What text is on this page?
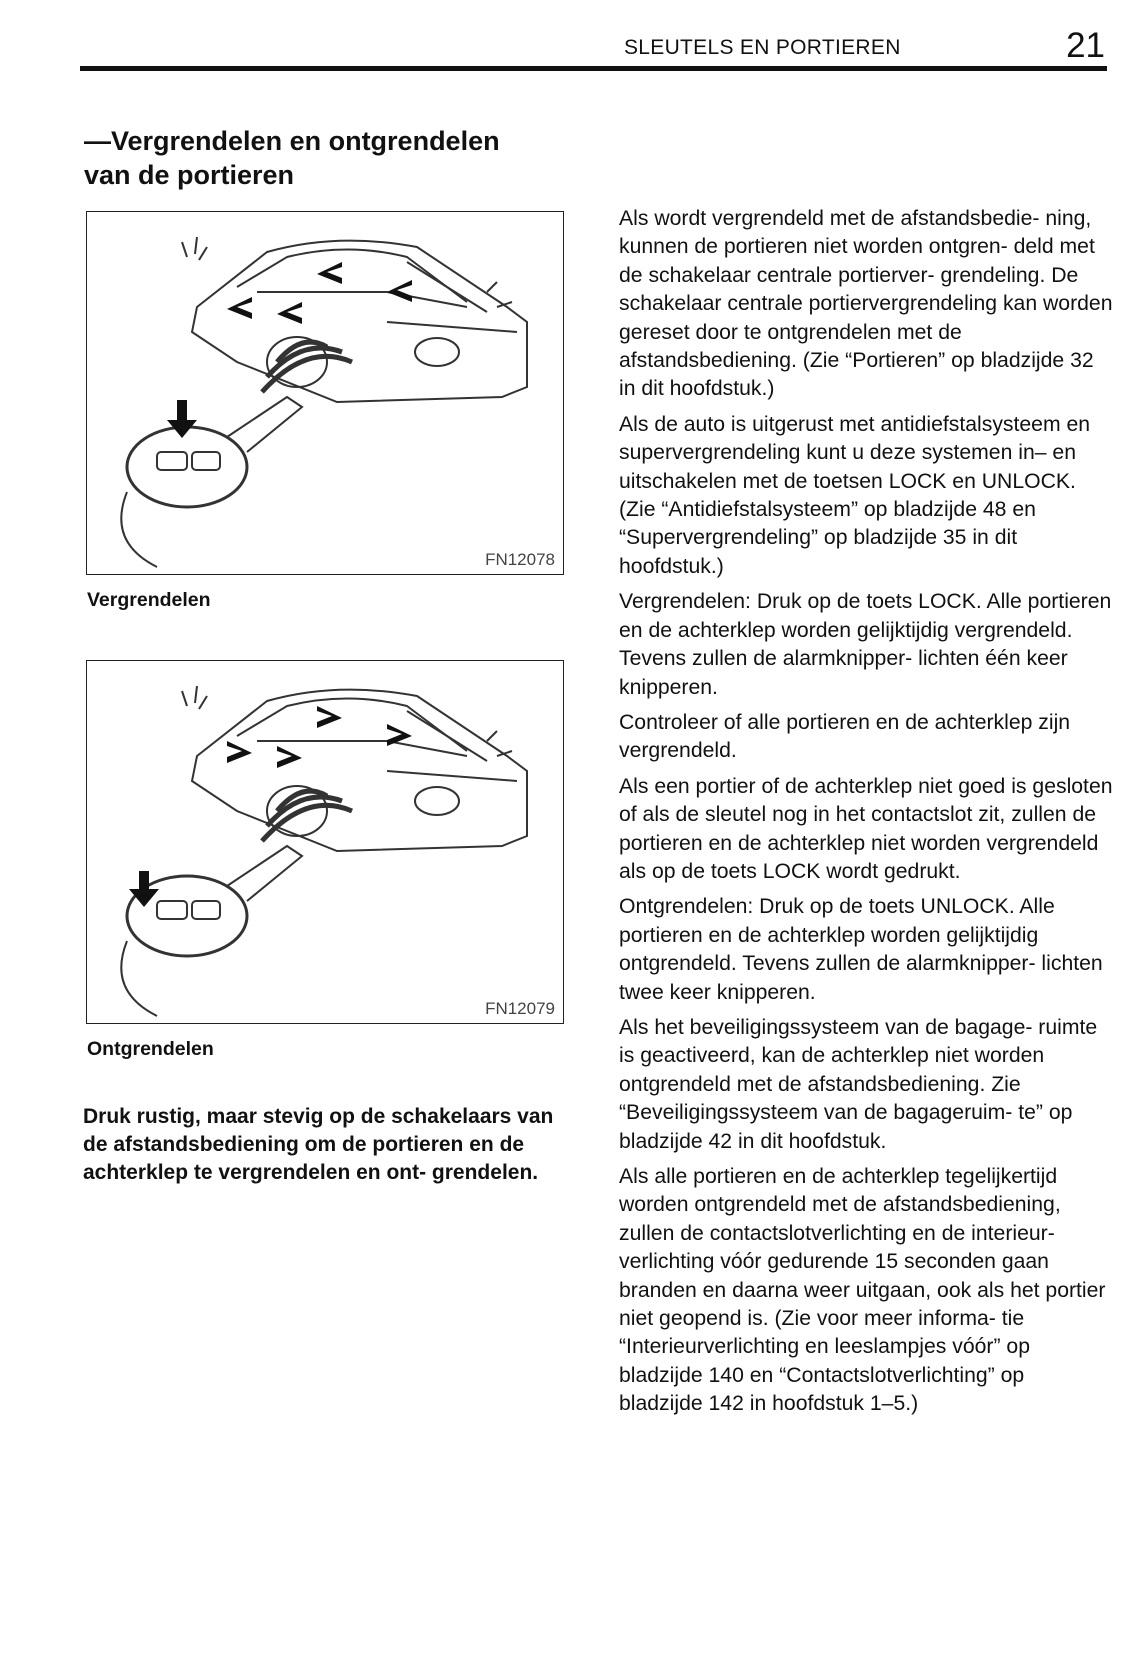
SLEUTELS EN PORTIEREN	21
—Vergrendelen en ontgrendelen
van de portieren
FN12078
Vergrendelen
FN12079
Ontgrendelen

Druk rustig, maar stevig op de schakelaars van de afstandsbediening om de portieren en de achterklep te vergrendelen en ont- grendelen.

Als wordt vergrendeld met de afstandsbedie- ning, kunnen de portieren niet worden ontgren- deld met de schakelaar centrale portierver- grendeling. De schakelaar centrale portiervergrendeling kan worden gereset door te ontgrendelen met de afstandsbediening. (Zie “Portieren” op bladzijde 32 in dit hoofdstuk.)

Als de auto is uitgerust met antidiefstalsysteem en supervergrendeling kunt u deze systemen in– en uitschakelen met de toetsen LOCK en UNLOCK. (Zie “Antidiefstalsysteem” op bladzijde 48 en “Supervergrendeling” op bladzijde 35 in dit hoofdstuk.)

Vergrendelen: Druk op de toets LOCK. Alle portieren en de achterklep worden gelijktijdig vergrendeld. Tevens zullen de alarmknipper- lichten één keer knipperen.

Controleer of alle portieren en de achterklep zijn vergrendeld.

Als een portier of de achterklep niet goed is gesloten of als de sleutel nog in het contactslot zit, zullen de portieren en de achterklep niet worden vergrendeld als op de toets LOCK wordt gedrukt.

Ontgrendelen: Druk op de toets UNLOCK. Alle portieren en de achterklep worden gelijktijdig ontgrendeld. Tevens zullen de alarmknipper- lichten twee keer knipperen.

Als het beveiligingssysteem van de bagage- ruimte is geactiveerd, kan de achterklep niet worden ontgrendeld met de afstandsbediening. Zie “Beveiligingssysteem van de bagageruim- te” op bladzijde 42 in dit hoofdstuk.

Als alle portieren en de achterklep tegelijkertijd worden ontgrendeld met de afstandsbediening, zullen de contactslotverlichting en de interieur- verlichting vóór gedurende 15 seconden gaan branden en daarna weer uitgaan, ook als het portier niet geopend is. (Zie voor meer informa- tie “Interieurverlichting en leeslampjes vóór” op bladzijde 140 en “Contactslotverlichting” op bladzijde 142 in hoofdstuk 1–5.)
